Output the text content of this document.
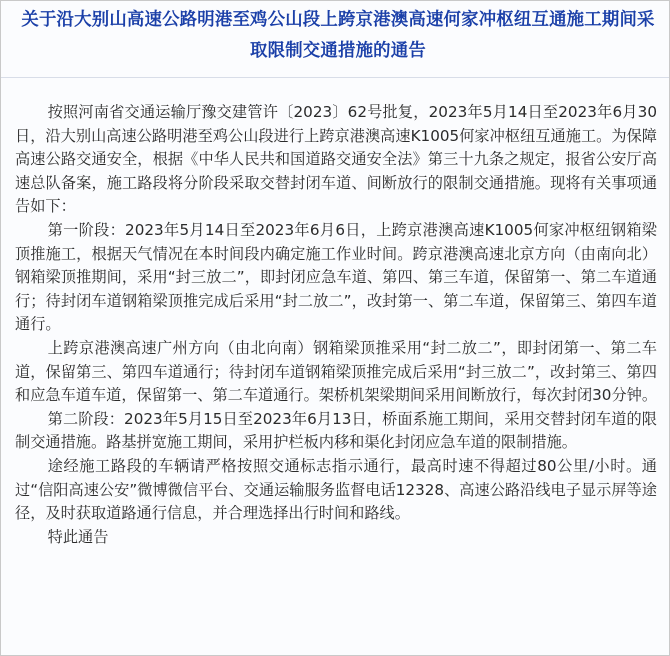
关于沿大别山高速公路明港至鸡公山段上跨京港澳高速何家冲枢纽互通施工期间采取限制交通措施的通告

按照河南省交通运输厅豫交建管许〔2023〕62号批复，2023年5月14日至2023年6月30日，沿大别山高速公路明港至鸡公山段进行上跨京港澳高速K1005何家冲枢纽互通施工。为保障高速公路交通安全，根据《中华人民共和国道路交通安全法》第三十九条之规定，报省公安厅高速总队备案，施工路段将分阶段采取交替封闭车道、间断放行的限制交通措施。现将有关事项通告如下：

第一阶段：2023年5月14日至2023年6月6日，上跨京港澳高速K1005何家冲枢纽钢箱梁顶推施工，根据天气情况在本时间段内确定施工作业时间。跨京港澳高速北京方向（由南向北）钢箱梁顶推期间，采用“封三放二”，即封闭应急车道、第四、第三车道，保留第一、第二车道通行；待封闭车道钢箱梁顶推完成后采用“封二放二”，改封第一、第二车道，保留第三、第四车道通行。

上跨京港澳高速广州方向（由北向南）钢箱梁顶推采用“封二放二”，即封闭第一、第二车道，保留第三、第四车道通行；待封闭车道钢箱梁顶推完成后采用“封三放二”，改封第三、第四和应急车道车道，保留第一、第二车道通行。架桥机架梁期间采用间断放行，每次封闭30分钟。

第二阶段：2023年5月15日至2023年6月13日，桥面系施工期间，采用交替封闭车道的限制交通措施。路基拼宽施工期间，采用护栏板内移和渠化封闭应急车道的限制措施。

途经施工路段的车辆请严格按照交通标志指示通行，最高时速不得超过80公里/小时。通过“信阳高速公安”微博微信平台、交通运输服务监督电话12328、高速公路沿线电子显示屏等途径，及时获取道路通行信息，并合理选择出行时间和路线。

特此通告
